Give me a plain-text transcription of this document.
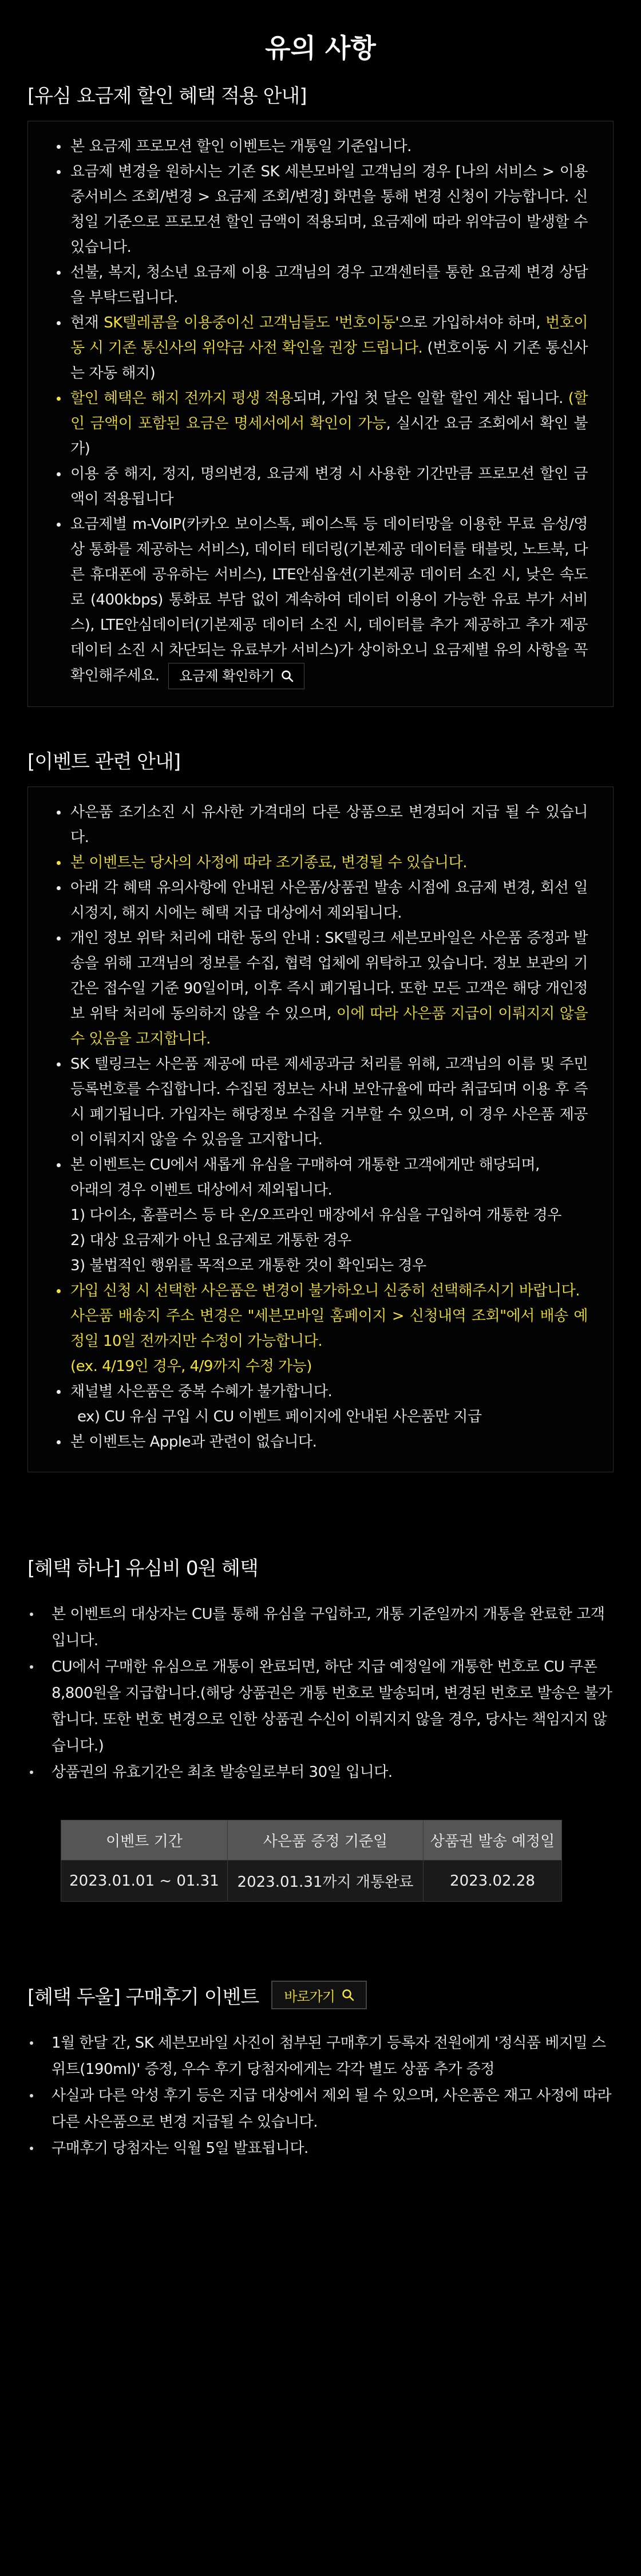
유의 사항
[유심 요금제 할인 혜택 적용 안내]
본 요금제 프로모션 할인 이벤트는 개통일 기준입니다.
요금제 변경을 원하시는 기존 SK 세븐모바일 고객님의 경우 [나의 서비스 > 이용중서비스 조회/변경 > 요금제 조회/변경] 화면을 통해 변경 신청이 가능합니다. 신청일 기준으로 프로모션 할인 금액이 적용되며, 요금제에 따라 위약금이 발생할 수 있습니다.
선불, 복지, 청소년 요금제 이용 고객님의 경우 고객센터를 통한 요금제 변경 상담을 부탁드립니다.
현재 SK텔레콤을 이용중이신 고객님들도 '번호이동'으로 가입하셔야 하며, 번호이동 시 기존 통신사의 위약금 사전 확인을 권장 드립니다. (번호이동 시 기존 통신사는 자동 해지)
할인 혜택은 해지 전까지 평생 적용되며, 가입 첫 달은 일할 할인 계산 됩니다. (할인 금액이 포함된 요금은 명세서에서 확인이 가능, 실시간 요금 조회에서 확인 불가)
이용 중 해지, 정지, 명의변경, 요금제 변경 시 사용한 기간만큼 프로모션 할인 금액이 적용됩니다
요금제별 m-VoIP(카카오 보이스톡, 페이스톡 등 데이터망을 이용한 무료 음성/영상 통화를 제공하는 서비스), 데이터 테더링(기본제공 데이터를 태블릿, 노트북, 다른 휴대폰에 공유하는 서비스), LTE안심옵션(기본제공 데이터 소진 시, 낮은 속도로 (400kbps) 통화료 부담 없이 계속하여 데이터 이용이 가능한 유료 부가 서비스), LTE안심데이터(기본제공 데이터 소진 시, 데이터를 추가 제공하고 추가 제공 데이터 소진 시 차단되는 유료부가 서비스)가 상이하오니 요금제별 유의 사항을 꼭 확인해주세요. 요금제 확인하기
[이벤트 관련 안내]
사은품 조기소진 시 유사한 가격대의 다른 상품으로 변경되어 지급 될 수 있습니다.
본 이벤트는 당사의 사정에 따라 조기종료, 변경될 수 있습니다.
아래 각 혜택 유의사항에 안내된 사은품/상품권 발송 시점에 요금제 변경, 회선 일시정지, 해지 시에는 혜택 지급 대상에서 제외됩니다.
개인 정보 위탁 처리에 대한 동의 안내 : SK텔링크 세븐모바일은 사은품 증정과 발송을 위해 고객님의 정보를 수집, 협력 업체에 위탁하고 있습니다. 정보 보관의 기간은 접수일 기준 90일이며, 이후 즉시 폐기됩니다. 또한 모든 고객은 해당 개인정보 위탁 처리에 동의하지 않을 수 있으며, 이에 따라 사은품 지급이 이뤄지지 않을 수 있음을 고지합니다.
SK 텔링크는 사은품 제공에 따른 제세공과금 처리를 위해, 고객님의 이름 및 주민등록번호를 수집합니다. 수집된 정보는 사내 보안규율에 따라 취급되며 이용 후 즉시 폐기됩니다. 가입자는 해당정보 수집을 거부할 수 있으며, 이 경우 사은품 제공이 이뤄지지 않을 수 있음을 고지합니다.
본 이벤트는 CU에서 새롭게 유심을 구매하여 개통한 고객에게만 해당되며,
아래의 경우 이벤트 대상에서 제외됩니다.
1) 다이소, 홈플러스 등 타 온/오프라인 매장에서 유심을 구입하여 개통한 경우
2) 대상 요금제가 아닌 요금제로 개통한 경우
3) 불법적인 행위를 목적으로 개통한 것이 확인되는 경우
가입 신청 시 선택한 사은품은 변경이 불가하오니 신중히 선택해주시기 바랍니다.
사은품 배송지 주소 변경은 "세븐모바일 홈페이지 > 신청내역 조회"에서 배송 예정일 10일 전까지만 수정이 가능합니다.
(ex. 4/19인 경우, 4/9까지 수정 가능)
채널별 사은품은 중복 수혜가 불가합니다.
ex) CU 유심 구입 시 CU 이벤트 페이지에 안내된 사은품만 지급
본 이벤트는 Apple과 관련이 없습니다.
[혜택 하나] 유심비 0원 혜택
본 이벤트의 대상자는 CU를 통해 유심을 구입하고, 개통 기준일까지 개통을 완료한 고객입니다.
CU에서 구매한 유심으로 개통이 완료되면, 하단 지급 예정일에 개통한 번호로 CU 쿠폰 8,800원을 지급합니다.(해당 상품권은 개통 번호로 발송되며, 변경된 번호로 발송은 불가합니다. 또한 번호 변경으로 인한 상품권 수신이 이뤄지지 않을 경우, 당사는 책임지지 않습니다.)
상품권의 유효기간은 최초 발송일로부터 30일 입니다.
이벤트 기간	사은품 증정 기준일	상품권 발송 예정일
2023.01.01 ~ 01.31	2023.01.31까지 개통완료	2023.02.28
[혜택 두울] 구매후기 이벤트 바로가기
1월 한달 간, SK 세븐모바일 사진이 첨부된 구매후기 등록자 전원에게 '정식품 베지밀 스위트(190ml)' 증정, 우수 후기 당첨자에게는 각각 별도 상품 추가 증정
사실과 다른 악성 후기 등은 지급 대상에서 제외 될 수 있으며, 사은품은 재고 사정에 따라 다른 사은품으로 변경 지급될 수 있습니다.
구매후기 당첨자는 익월 5일 발표됩니다.
